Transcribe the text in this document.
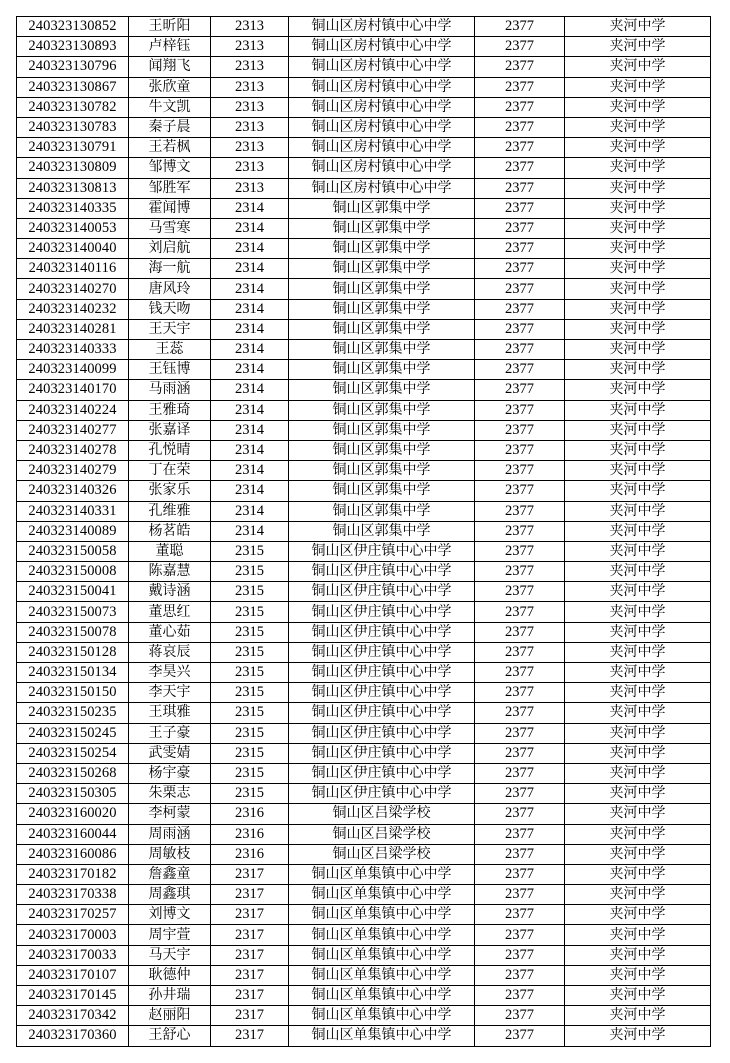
240323130852	王昕阳	2313	铜山区房村镇中心中学	2377	夹河中学
240323130893	卢梓钰	2313	铜山区房村镇中心中学	2377	夹河中学
240323130796	闻翔飞	2313	铜山区房村镇中心中学	2377	夹河中学
240323130867	张欣童	2313	铜山区房村镇中心中学	2377	夹河中学
240323130782	牛文凯	2313	铜山区房村镇中心中学	2377	夹河中学
240323130783	秦子晨	2313	铜山区房村镇中心中学	2377	夹河中学
240323130791	王若枫	2313	铜山区房村镇中心中学	2377	夹河中学
240323130809	邹博文	2313	铜山区房村镇中心中学	2377	夹河中学
240323130813	邹胜军	2313	铜山区房村镇中心中学	2377	夹河中学
240323140335	霍闻博	2314	铜山区郭集中学	2377	夹河中学
240323140053	马雪寒	2314	铜山区郭集中学	2377	夹河中学
240323140040	刘启航	2314	铜山区郭集中学	2377	夹河中学
240323140116	海一航	2314	铜山区郭集中学	2377	夹河中学
240323140270	唐风玲	2314	铜山区郭集中学	2377	夹河中学
240323140232	钱天吻	2314	铜山区郭集中学	2377	夹河中学
240323140281	王天宇	2314	铜山区郭集中学	2377	夹河中学
240323140333	王蕊	2314	铜山区郭集中学	2377	夹河中学
240323140099	王钰博	2314	铜山区郭集中学	2377	夹河中学
240323140170	马雨涵	2314	铜山区郭集中学	2377	夹河中学
240323140224	王雅琦	2314	铜山区郭集中学	2377	夹河中学
240323140277	张嘉译	2314	铜山区郭集中学	2377	夹河中学
240323140278	孔悦晴	2314	铜山区郭集中学	2377	夹河中学
240323140279	丁在荣	2314	铜山区郭集中学	2377	夹河中学
240323140326	张家乐	2314	铜山区郭集中学	2377	夹河中学
240323140331	孔维雅	2314	铜山区郭集中学	2377	夹河中学
240323140089	杨茗皓	2314	铜山区郭集中学	2377	夹河中学
240323150058	董聪	2315	铜山区伊庄镇中心中学	2377	夹河中学
240323150008	陈嘉慧	2315	铜山区伊庄镇中心中学	2377	夹河中学
240323150041	戴诗涵	2315	铜山区伊庄镇中心中学	2377	夹河中学
240323150073	董思红	2315	铜山区伊庄镇中心中学	2377	夹河中学
240323150078	董心茹	2315	铜山区伊庄镇中心中学	2377	夹河中学
240323150128	蒋哀辰	2315	铜山区伊庄镇中心中学	2377	夹河中学
240323150134	李昊兴	2315	铜山区伊庄镇中心中学	2377	夹河中学
240323150150	李天宇	2315	铜山区伊庄镇中心中学	2377	夹河中学
240323150235	王琪雅	2315	铜山区伊庄镇中心中学	2377	夹河中学
240323150245	王子豪	2315	铜山区伊庄镇中心中学	2377	夹河中学
240323150254	武雯婧	2315	铜山区伊庄镇中心中学	2377	夹河中学
240323150268	杨宇豪	2315	铜山区伊庄镇中心中学	2377	夹河中学
240323150305	朱栗志	2315	铜山区伊庄镇中心中学	2377	夹河中学
240323160020	李柯蒙	2316	铜山区吕梁学校	2377	夹河中学
240323160044	周雨涵	2316	铜山区吕梁学校	2377	夹河中学
240323160086	周敏枝	2316	铜山区吕梁学校	2377	夹河中学
240323170182	詹鑫童	2317	铜山区单集镇中心中学	2377	夹河中学
240323170338	周鑫琪	2317	铜山区单集镇中心中学	2377	夹河中学
240323170257	刘博文	2317	铜山区单集镇中心中学	2377	夹河中学
240323170003	周宇萱	2317	铜山区单集镇中心中学	2377	夹河中学
240323170033	马天宇	2317	铜山区单集镇中心中学	2377	夹河中学
240323170107	耿德仲	2317	铜山区单集镇中心中学	2377	夹河中学
240323170145	孙井瑞	2317	铜山区单集镇中心中学	2377	夹河中学
240323170342	赵丽阳	2317	铜山区单集镇中心中学	2377	夹河中学
240323170360	王舒心	2317	铜山区单集镇中心中学	2377	夹河中学
